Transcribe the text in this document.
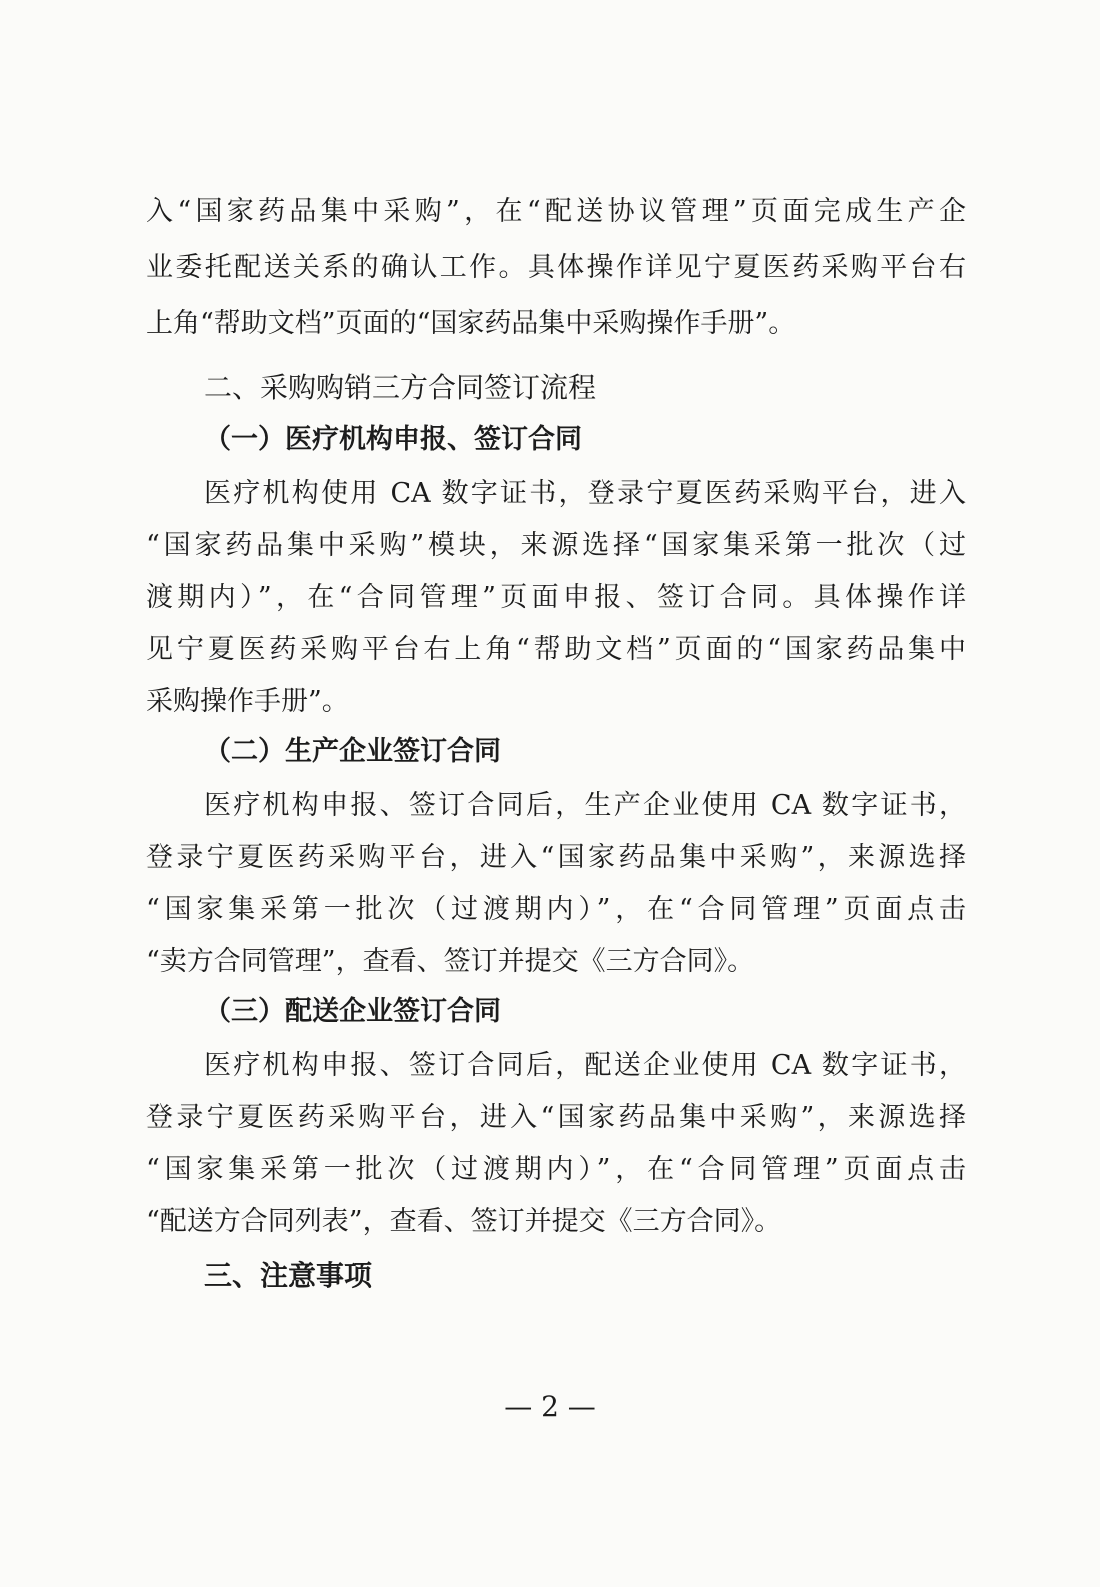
入“国家药品集中采购”，在“配送协议管理”页面完成生产企
业委托配送关系的确认工作。具体操作详见宁夏医药采购平台右
上角“帮助文档”页面的“国家药品集中采购操作手册”。
二、采购购销三方合同签订流程
（一）医疗机构申报、签订合同
医疗机构使用 CA 数字证书，登录宁夏医药采购平台，进入
“国家药品集中采购”模块，来源选择“国家集采第一批次（过
渡期内）”，在“合同管理”页面申报、签订合同。具体操作详
见宁夏医药采购平台右上角“帮助文档”页面的“国家药品集中
采购操作手册”。
（二）生产企业签订合同
医疗机构申报、签订合同后，生产企业使用 CA 数字证书，
登录宁夏医药采购平台，进入“国家药品集中采购”，来源选择
“国家集采第一批次（过渡期内）”，在“合同管理”页面点击
“卖方合同管理”，查看、签订并提交《三方合同》。
（三）配送企业签订合同
医疗机构申报、签订合同后，配送企业使用 CA 数字证书，
登录宁夏医药采购平台，进入“国家药品集中采购”，来源选择
“国家集采第一批次（过渡期内）”，在“合同管理”页面点击
“配送方合同列表”，查看、签订并提交《三方合同》。
三、注意事项
— 2 —
